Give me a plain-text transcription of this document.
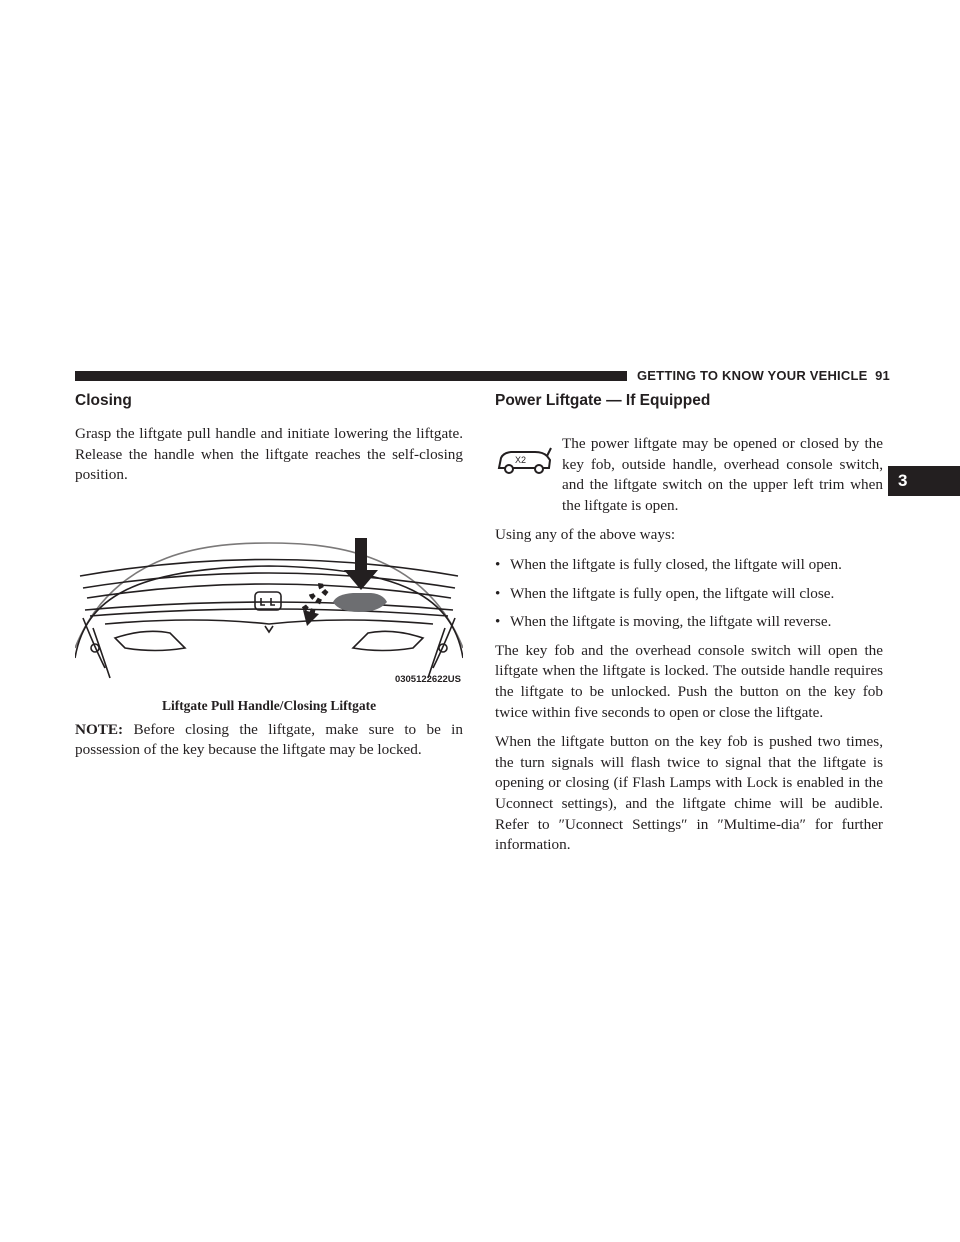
GETTING TO KNOW YOUR VEHICLE 91
3
Closing

Grasp the liftgate pull handle and initiate lowering the liftgate. Release the handle when the liftgate reaches the self-closing position.

0305122622US
Liftgate Pull Handle/Closing Liftgate

NOTE: Before closing the liftgate, make sure to be in possession of the key because the liftgate may be locked.

Power Liftgate — If Equipped
X2

The power liftgate may be opened or closed by the key fob, outside handle, overhead console switch, and the liftgate switch on the upper left trim when the liftgate is open.

Using any of the above ways:

• When the liftgate is fully closed, the liftgate will open.
• When the liftgate is fully open, the liftgate will close.
• When the liftgate is moving, the liftgate will reverse.

The key fob and the overhead console switch will open the liftgate when the liftgate is locked. The outside handle requires the liftgate to be unlocked. Push the button on the key fob twice within five seconds to open or close the liftgate.

When the liftgate button on the key fob is pushed two times, the turn signals will flash twice to signal that the liftgate is opening or closing (if Flash Lamps with Lock is enabled in the Uconnect settings), and the liftgate chime will be audible. Refer to ″Uconnect Settings″ in ″Multime-dia″ for further information.
